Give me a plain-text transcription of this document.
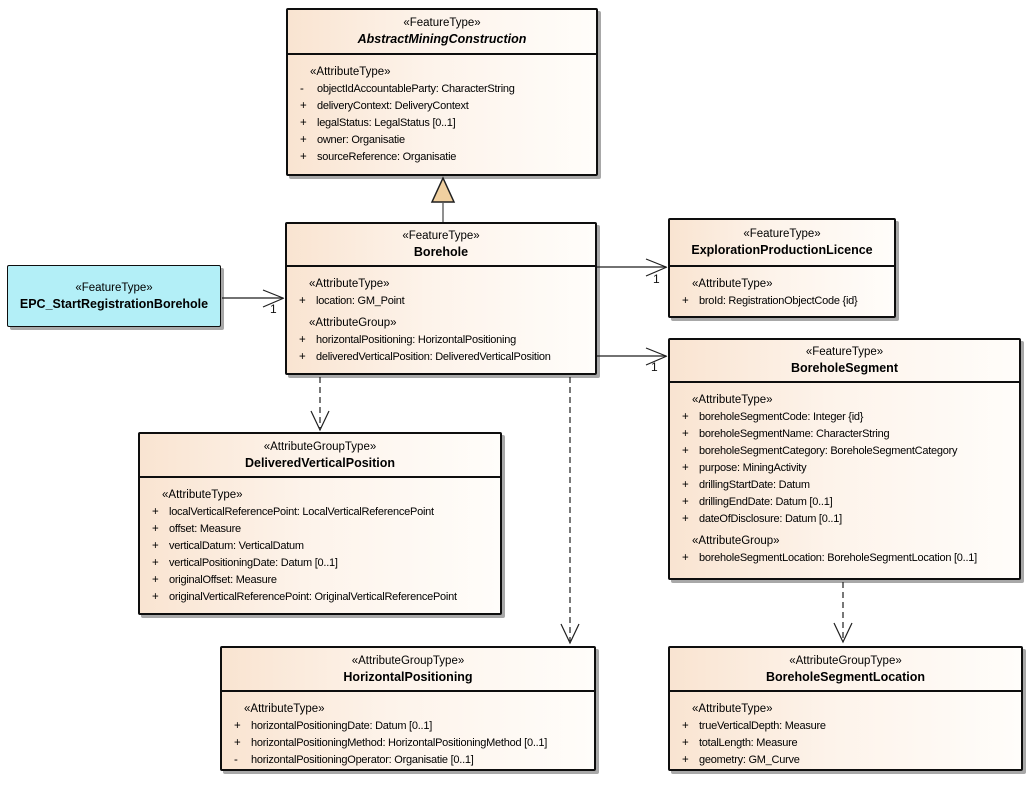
«FeatureType»
AbstractMiningConstruction
«AttributeType»
-	objectIdAccountableParty: CharacterString
+ deliveryContext: DeliveryContext
+ legalStatus: LegalStatus [0..1]
+ owner: Organisatie
+ sourceReference: Organisatie
«FeatureType»
Borehole
«AttributeType»
+ location: GM_Point
«AttributeGroup»
+ horizontalPositioning: HorizontalPositioning
+ deliveredVerticalPosition: DeliveredVerticalPosition
«FeatureType»
EPC_StartRegistrationBorehole
«FeatureType»
ExplorationProductionLicence
«AttributeType»
+ broId: RegistrationObjectCode {id}
«FeatureType»
BoreholeSegment
«AttributeType»
+ boreholeSegmentCode: Integer {id}
+ boreholeSegmentName: CharacterString
+ boreholeSegmentCategory: BoreholeSegmentCategory
+ purpose: MiningActivity
+ drillingStartDate: Datum
+ drillingEndDate: Datum [0..1]
+ dateOfDisclosure: Datum [0..1]
«AttributeGroup»
+ boreholeSegmentLocation: BoreholeSegmentLocation [0..1]
«AttributeGroupType»
DeliveredVerticalPosition
«AttributeType»
+ localVerticalReferencePoint: LocalVerticalReferencePoint
+ offset: Measure
+ verticalDatum: VerticalDatum
+ verticalPositioningDate: Datum [0..1]
+ originalOffset: Measure
+ originalVerticalReferencePoint: OriginalVerticalReferencePoint
«AttributeGroupType»
HorizontalPositioning
«AttributeType»
+ horizontalPositioningDate: Datum [0..1]
+ horizontalPositioningMethod: HorizontalPositioningMethod [0..1]
-	horizontalPositioningOperator: Organisatie [0..1]
«AttributeGroupType»
BoreholeSegmentLocation
«AttributeType»
+ trueVerticalDepth: Measure
+ totalLength: Measure
+ geometry: GM_Curve
1
1
1
